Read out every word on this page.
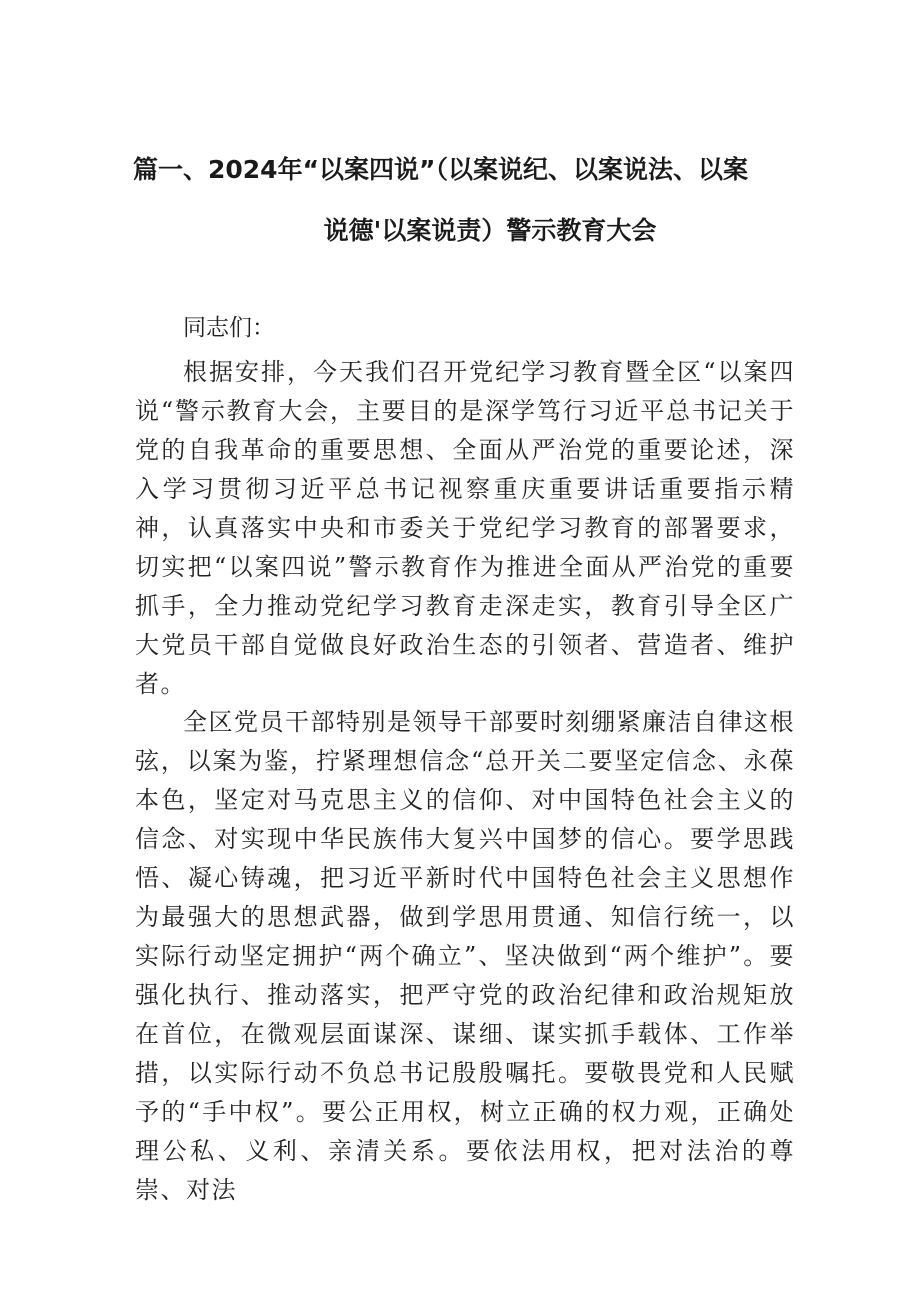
篇一、2024年“以案四说”（以案说纪、以案说法、以案
说德'以案说责）警示教育大会
同志们：

根据安排，今天我们召开党纪学习教育暨全区“以案四说“警示教育大会，主要目的是深学笃行习近平总书记关于党的自我革命的重要思想、全面从严治党的重要论述，深入学习贯彻习近平总书记视察重庆重要讲话重要指示精神，认真落实中央和市委关于党纪学习教育的部署要求，切实把“以案四说”警示教育作为推进全面从严治党的重要抓手，全力推动党纪学习教育走深走实，教育引导全区广大党员干部自觉做良好政治生态的引领者、营造者、维护者。

全区党员干部特别是领导干部要时刻绷紧廉洁自律这根弦，以案为鉴，拧紧理想信念“总开关二要坚定信念、永葆本色，坚定对马克思主义的信仰、对中国特色社会主义的信念、对实现中华民族伟大复兴中国梦的信心。要学思践悟、凝心铸魂，把习近平新时代中国特色社会主义思想作为最强大的思想武器，做到学思用贯通、知信行统一，以实际行动坚定拥护“两个确立”、坚决做到“两个维护”。要强化执行、推动落实，把严守党的政治纪律和政治规矩放在首位，在微观层面谋深、谋细、谋实抓手载体、工作举措，以实际行动不负总书记殷殷嘱托。要敬畏党和人民赋予的“手中权”。要公正用权，树立正确的权力观，正确处理公私、义利、亲清关系。要依法用权，把对法治的尊崇、对法
